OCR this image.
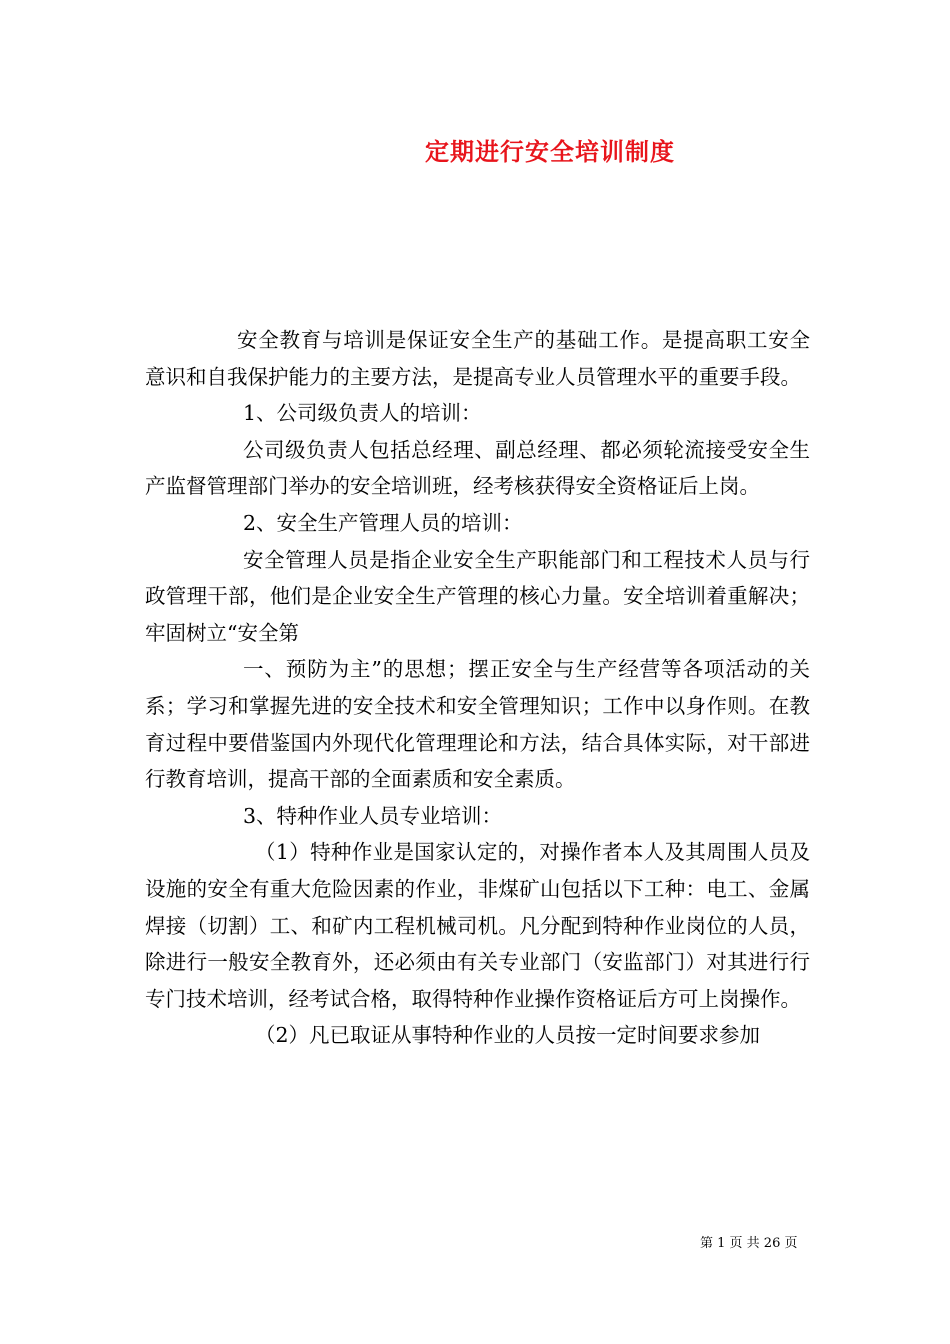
定期进行安全培训制度

安全教育与培训是保证安全生产的基础工作。是提高职工安全意识和自我保护能力的主要方法，是提高专业人员管理水平的重要手段。

1、公司级负责人的培训：

公司级负责人包括总经理、副总经理、都必须轮流接受安全生产监督管理部门举办的安全培训班，经考核获得安全资格证后上岗。

2、安全生产管理人员的培训：

安全管理人员是指企业安全生产职能部门和工程技术人员与行政管理干部，他们是企业安全生产管理的核心力量。安全培训着重解决；牢固树立“安全第

一、预防为主”的思想；摆正安全与生产经营等各项活动的关系；学习和掌握先进的安全技术和安全管理知识；工作中以身作则。在教育过程中要借鉴国内外现代化管理理论和方法，结合具体实际，对干部进行教育培训，提高干部的全面素质和安全素质。

3、特种作业人员专业培训：

（1）特种作业是国家认定的，对操作者本人及其周围人员及设施的安全有重大危险因素的作业，非煤矿山包括以下工种：电工、金属焊接（切割）工、和矿内工程机械司机。凡分配到特种作业岗位的人员，除进行一般安全教育外，还必须由有关专业部门（安监部门）对其进行行专门技术培训，经考试合格，取得特种作业操作资格证后方可上岗操作。

（2）凡已取证从事特种作业的人员按一定时间要求参加

第 1 页 共 26 页
